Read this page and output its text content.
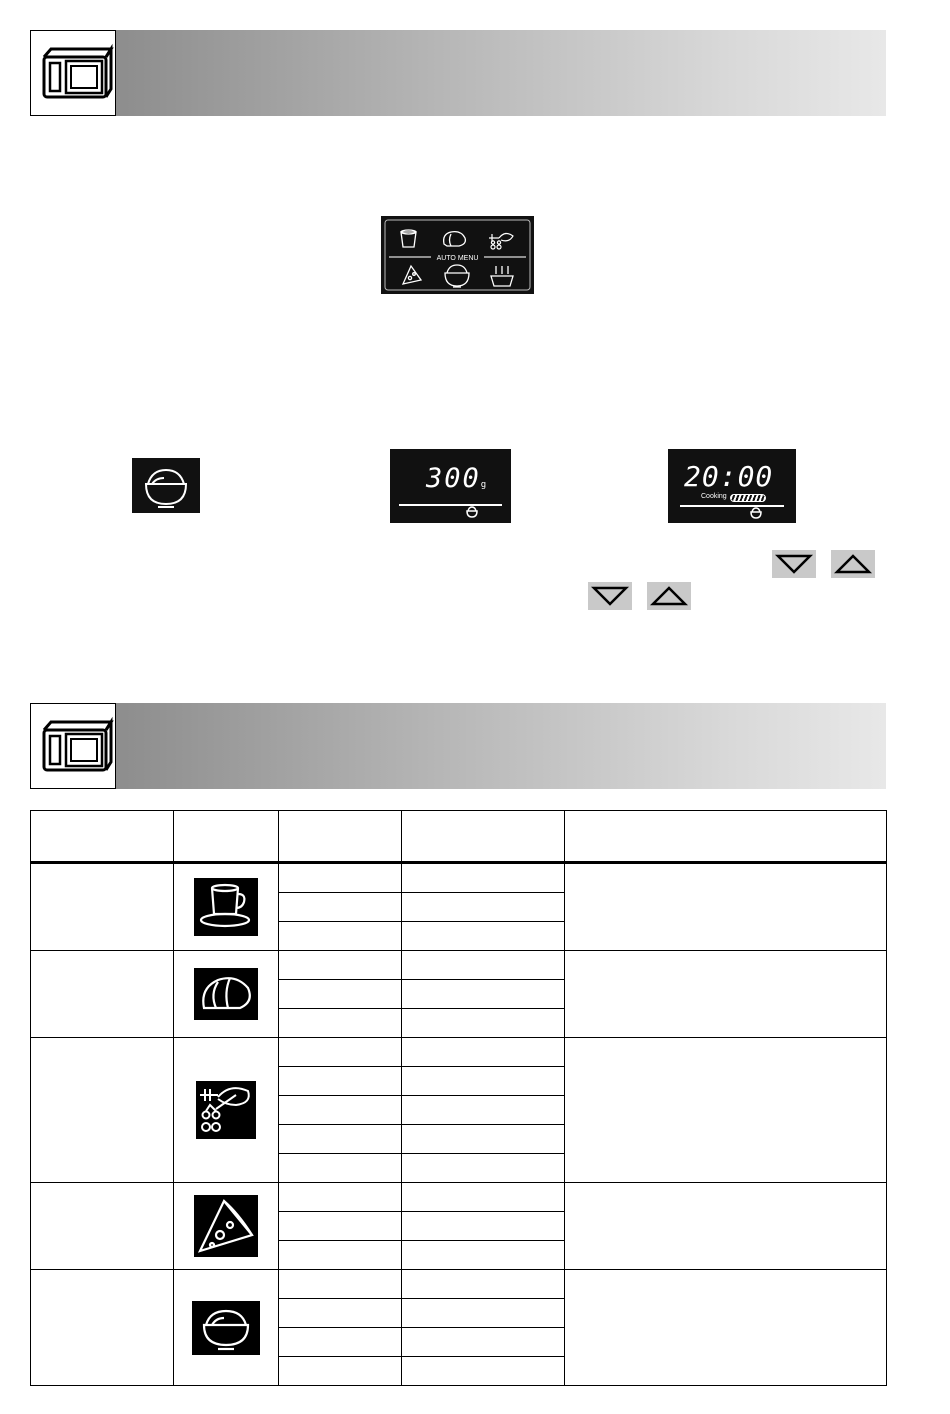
AUTO MENU
300g	20:00
Cooking
